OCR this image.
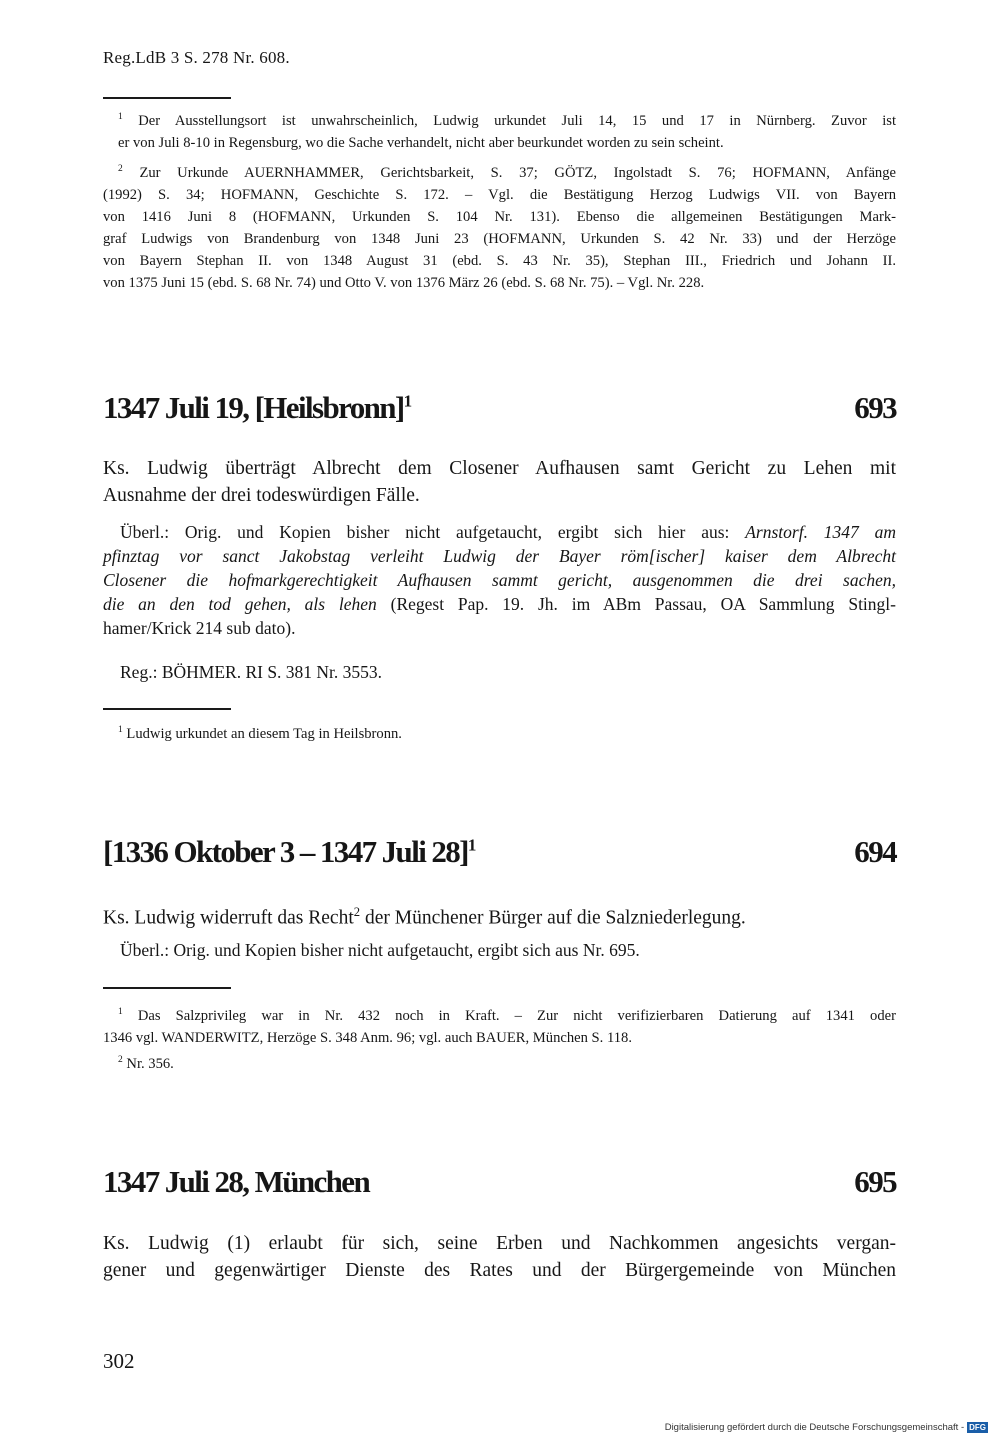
Reg.LdB 3 S. 278 Nr. 608.

$^1$ Der Ausstellungsort ist unwahrscheinlich, Ludwig urkundet Juli 14, 15 und 17 in Nürnberg. Zuvor ist
er von Juli 8-10 in Regensburg, wo die Sache verhandelt, nicht aber beurkundet worden zu sein scheint.

$^2$ Zur Urkunde AUERNHAMMER, Gerichtsbarkeit, S. 37; GÖTZ, Ingolstadt S. 76; HOFMANN, Anfänge
(1992) S. 34; HOFMANN, Geschichte S. 172. – Vgl. die Bestätigung Herzog Ludwigs VII. von Bayern
von 1416 Juni 8 (HOFMANN, Urkunden S. 104 Nr. 131). Ebenso die allgemeinen Bestätigungen Mark-
graf Ludwigs von Brandenburg von 1348 Juni 23 (HOFMANN, Urkunden S. 42 Nr. 33) und der Herzöge
von Bayern Stephan II. von 1348 August 31 (ebd. S. 43 Nr. 35), Stephan III., Friedrich und Johann II.
von 1375 Juni 15 (ebd. S. 68 Nr. 74) und Otto V. von 1376 März 26 (ebd. S. 68 Nr. 75). – Vgl. Nr. 228.

1347 Juli 19, [Heilsbronn]$^1$	693
Ks. Ludwig überträgt Albrecht dem Closener Aufhausen samt Gericht zu Lehen mit
Ausnahme der drei todeswürdigen Fälle.
Überl.: Orig. und Kopien bisher nicht aufgetaucht, ergibt sich hier aus: Arnstorf. 1347 am
pfinztag vor sanct Jakobstag verleiht Ludwig der Bayer röm[ischer] kaiser dem Albrecht
Closener die hofmarkgerechtigkeit Aufhausen sammt gericht, ausgenommen die drei sachen,
die an den tod gehen, als lehen (Regest Pap. 19. Jh. im ABm Passau, OA Sammlung Stingl-
hamer/Krick 214 sub dato).
Reg.: BÖHMER. RI S. 381 Nr. 3553.
$^1$ Ludwig urkundet an diesem Tag in Heilsbronn.
[1336 Oktober 3 – 1347 Juli 28]$^1$	694
Ks. Ludwig widerruft das Recht$^2$ der Münchener Bürger auf die Salzniederlegung.
Überl.: Orig. und Kopien bisher nicht aufgetaucht, ergibt sich aus Nr. 695.

$^1$ Das Salzprivileg war in Nr. 432 noch in Kraft. – Zur nicht verifizierbaren Datierung auf 1341 oder
1346 vgl. WANDERWITZ, Herzöge S. 348 Anm. 96; vgl. auch BAUER, München S. 118.

$^2$ Nr. 356.

1347 Juli 28, München	695
Ks. Ludwig (1) erlaubt für sich, seine Erben und Nachkommen angesichts vergan-
gener und gegenwärtiger Dienste des Rates und der Bürgergemeinde von München
302
Digitalisierung gefördert durch die Deutsche Forschungsgemeinschaft - DFG
